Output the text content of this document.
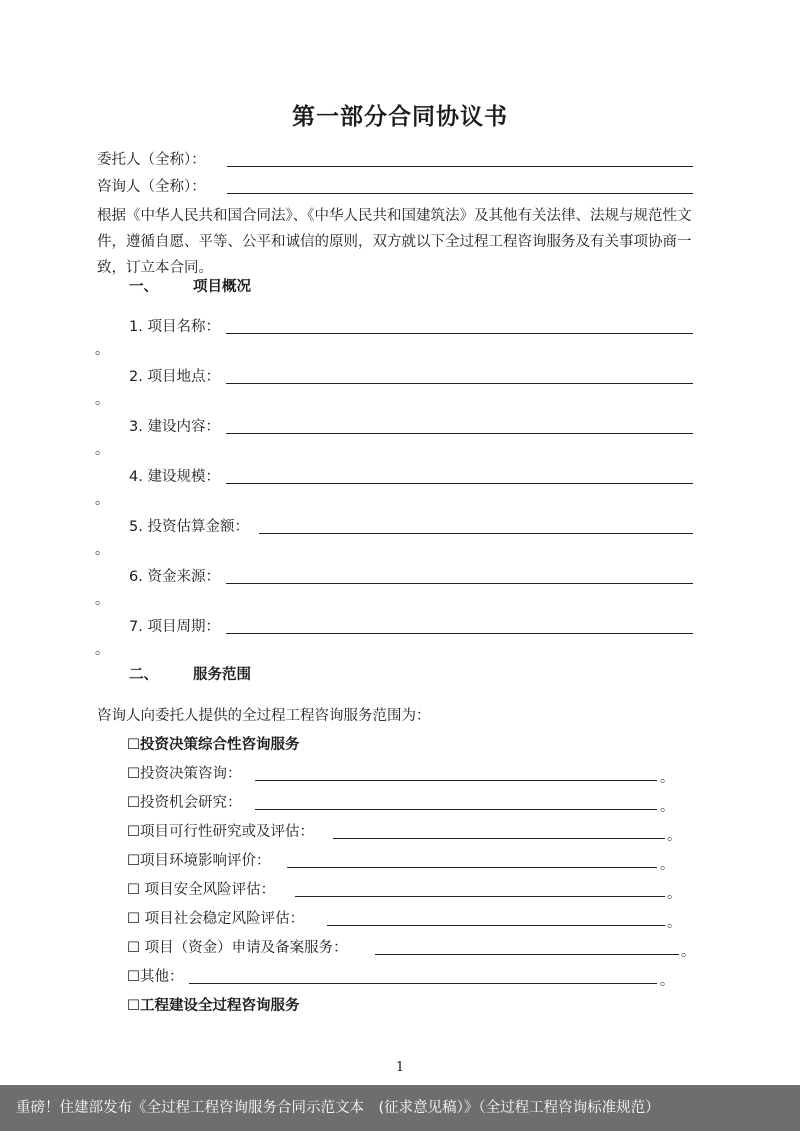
第一部分合同协议书
委托人（全称）：
咨询人（全称）：
根据《中华人民共和国合同法》、《中华人民共和国建筑法》及其他有关法律、法规与规范性文件，遵循自愿、平等、公平和诚信的原则，双方就以下全过程工程咨询服务及有关事项协商一致，订立本合同。
一、 项目概况
1. 项目名称：
。
2. 项目地点：
。
3. 建设内容：
。
4. 建设规模：
。
5. 投资估算金额：
。
6. 资金来源：
。
7. 项目周期：
。
二、 服务范围
咨询人向委托人提供的全过程工程咨询服务范围为：
☐投资决策综合性咨询服务
☐投资决策咨询：	。
☐投资机会研究：	。
☐项目可行性研究或及评估：	。
☐项目环境影响评价：	。
☐ 项目安全风险评估：	。
☐ 项目社会稳定风险评估：	。
☐ 项目（资金）申请及备案服务：	。
☐其他：	。
☐工程建设全过程咨询服务
1
重磅！住建部发布《全过程工程咨询服务合同示范文本　(征求意见稿）》（全过程工程咨询标准规范）
